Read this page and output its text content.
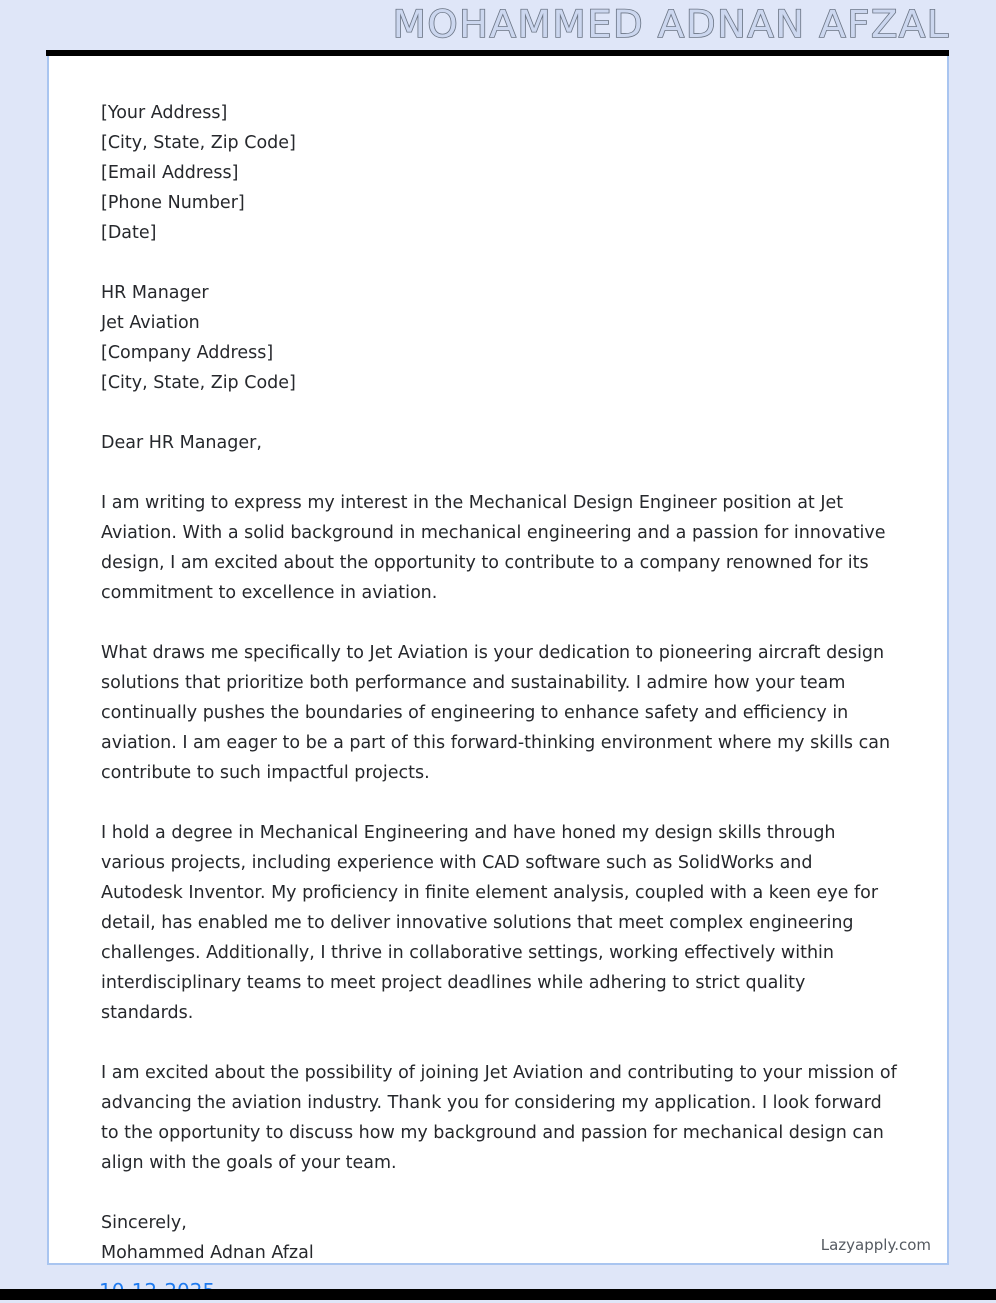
MOHAMMED ADNAN AFZAL
[Your Address]
[City, State, Zip Code]
[Email Address]
[Phone Number]
[Date]
HR Manager
Jet Aviation
[Company Address]
[City, State, Zip Code]
Dear HR Manager,

I am writing to express my interest in the Mechanical Design Engineer position at Jet Aviation. With a solid background in mechanical engineering and a passion for innovative design, I am excited about the opportunity to contribute to a company renowned for its commitment to excellence in aviation.

What draws me specifically to Jet Aviation is your dedication to pioneering aircraft design solutions that prioritize both performance and sustainability. I admire how your team continually pushes the boundaries of engineering to enhance safety and efficiency in aviation. I am eager to be a part of this forward-thinking environment where my skills can contribute to such impactful projects.

I hold a degree in Mechanical Engineering and have honed my design skills through various projects, including experience with CAD software such as SolidWorks and Autodesk Inventor. My proficiency in finite element analysis, coupled with a keen eye for detail, has enabled me to deliver innovative solutions that meet complex engineering challenges. Additionally, I thrive in collaborative settings, working effectively within interdisciplinary teams to meet project deadlines while adhering to strict quality standards.

I am excited about the possibility of joining Jet Aviation and contributing to your mission of advancing the aviation industry. Thank you for considering my application. I look forward to the opportunity to discuss how my background and passion for mechanical design can align with the goals of your team.

Sincerely,
Mohammed Adnan Afzal	Lazyapply.com
